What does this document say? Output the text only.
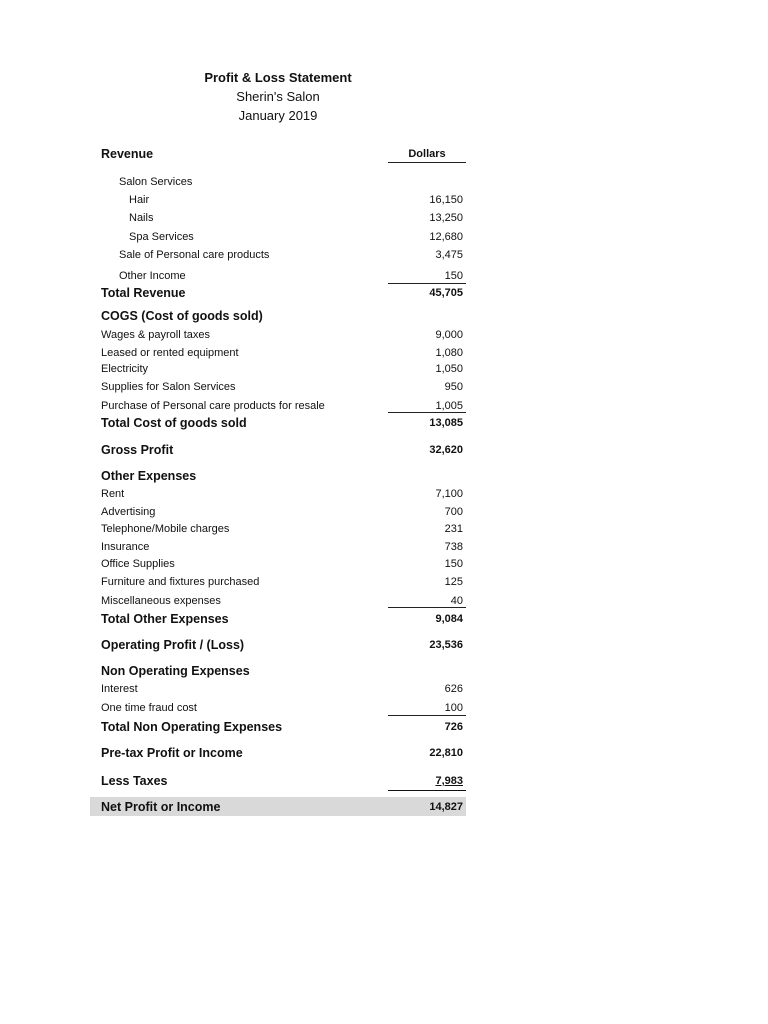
Profit & Loss Statement
Sherin's Salon
January 2019
Revenue	Dollars
Salon Services
Hair	16,150
Nails	13,250
Spa Services	12,680
Sale of Personal care products	3,475
Other Income	150
Total Revenue	45,705
COGS (Cost of goods sold)
Wages & payroll taxes	9,000
Leased or rented equipment	1,080
Electricity	1,050
Supplies for Salon Services	950
Purchase of Personal care products for resale	1,005
Total Cost of goods sold	13,085
Gross Profit	32,620
Other Expenses
Rent	7,100
Advertising	700
Telephone/Mobile charges	231
Insurance	738
Office Supplies	150
Furniture and fixtures purchased	125
Miscellaneous expenses	40
Total Other Expenses	9,084
Operating Profit / (Loss)	23,536
Non Operating Expenses
Interest	626
One time fraud cost	100
Total Non Operating Expenses	726
Pre-tax Profit or Income	22,810
Less Taxes	7,983
Net Profit or Income	14,827
